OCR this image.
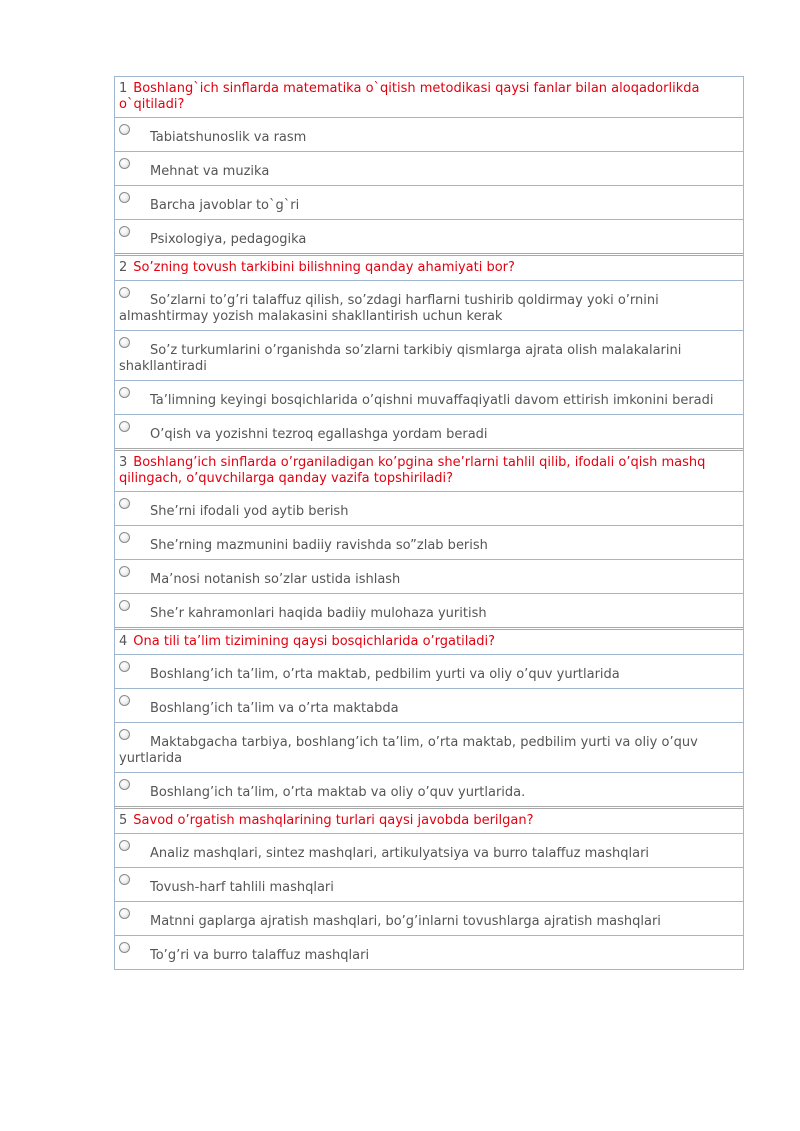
1 Boshlang`ich sinflarda matematika o`qitish metodikasi qaysi fanlar bilan aloqadorlikda o`qitiladi?
Tabiatshunoslik va rasm
Mehnat va muzika
Barcha javoblar to`g`ri
Psixologiya, pedagogika
2 So’zning tovush tarkibini bilishning qanday ahamiyati bor?
So’zlarni to’g’ri talaffuz qilish, so’zdagi harflarni tushirib qoldirmay yoki o’rnini almashtirmay yozish malakasini shakllantirish uchun kerak
So’z turkumlarini o’rganishda so’zlarni tarkibiy qismlarga ajrata olish malakalarini shakllantiradi
Ta’limning keyingi bosqichlarida o’qishni muvaffaqiyatli davom ettirish imkonini beradi
O’qish va yozishni tezroq egallashga yordam beradi
3 Boshlang’ich sinflarda o’rganiladigan ko’pgina she’rlarni tahlil qilib, ifodali o’qish mashq qilingach, o’quvchilarga qanday vazifa topshiriladi?
She’rni ifodali yod aytib berish
She’rning mazmunini badiiy ravishda so”zlab berish
Ma’nosi notanish so’zlar ustida ishlash
She’r kahramonlari haqida badiiy mulohaza yuritish
4 Ona tili ta’lim tizimining qaysi bosqichlarida o’rgatiladi?
Boshlang’ich ta’lim, o’rta maktab, pedbilim yurti va oliy o’quv yurtlarida
Boshlang’ich ta’lim va o’rta maktabda
Maktabgacha tarbiya, boshlang’ich ta’lim, o’rta maktab, pedbilim yurti va oliy o’quv yurtlarida
Boshlang’ich ta’lim, o’rta maktab va oliy o’quv yurtlarida.
5 Savod o’rgatish mashqlarining turlari qaysi javobda berilgan?
Analiz mashqlari, sintez mashqlari, artikulyatsiya va burro talaffuz mashqlari
Tovush-harf tahlili mashqlari
Matnni gaplarga ajratish mashqlari, bo’g’inlarni tovushlarga ajratish mashqlari
To’g’ri va burro talaffuz mashqlari
